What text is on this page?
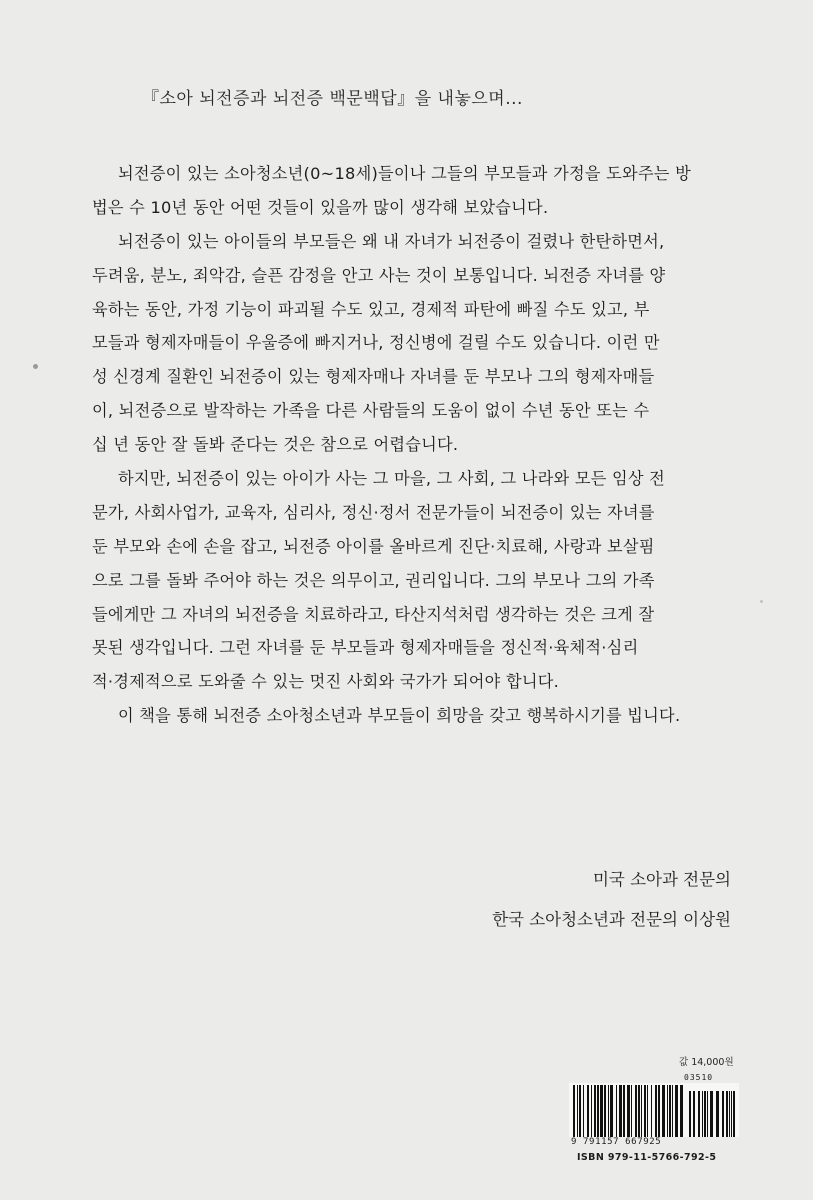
『소아 뇌전증과 뇌전증 백문백답』을 내놓으며...
뇌전증이 있는 소아청소년(0~18세)들이나 그들의 부모들과 가정을 도와주는 방
법은 수 10년 동안 어떤 것들이 있을까 많이 생각해 보았습니다.
뇌전증이 있는 아이들의 부모들은 왜 내 자녀가 뇌전증이 걸렸나 한탄하면서,
두려움, 분노, 죄악감, 슬픈 감정을 안고 사는 것이 보통입니다. 뇌전증 자녀를 양
육하는 동안, 가정 기능이 파괴될 수도 있고, 경제적 파탄에 빠질 수도 있고, 부
모들과 형제자매들이 우울증에 빠지거나, 정신병에 걸릴 수도 있습니다. 이런 만
성 신경계 질환인 뇌전증이 있는 형제자매나 자녀를 둔 부모나 그의 형제자매들
이, 뇌전증으로 발작하는 가족을 다른 사람들의 도움이 없이 수년 동안 또는 수
십 년 동안 잘 돌봐 준다는 것은 참으로 어렵습니다.
하지만, 뇌전증이 있는 아이가 사는 그 마을, 그 사회, 그 나라와 모든 임상 전
문가, 사회사업가, 교육자, 심리사, 정신·정서 전문가들이 뇌전증이 있는 자녀를
둔 부모와 손에 손을 잡고, 뇌전증 아이를 올바르게 진단·치료해, 사랑과 보살핌
으로 그를 돌봐 주어야 하는 것은 의무이고, 권리입니다. 그의 부모나 그의 가족
들에게만 그 자녀의 뇌전증을 치료하라고, 타산지석처럼 생각하는 것은 크게 잘
못된 생각입니다. 그런 자녀를 둔 부모들과 형제자매들을 정신적·육체적·심리
적·경제적으로 도와줄 수 있는 멋진 사회와 국가가 되어야 합니다.
이 책을 통해 뇌전증 소아청소년과 부모들이 희망을 갖고 행복하시기를 빕니다.
미국 소아과 전문의
한국 소아청소년과 전문의 이상원
값 14,000원
03510
9 791157 667925
ISBN 979-11-5766-792-5
